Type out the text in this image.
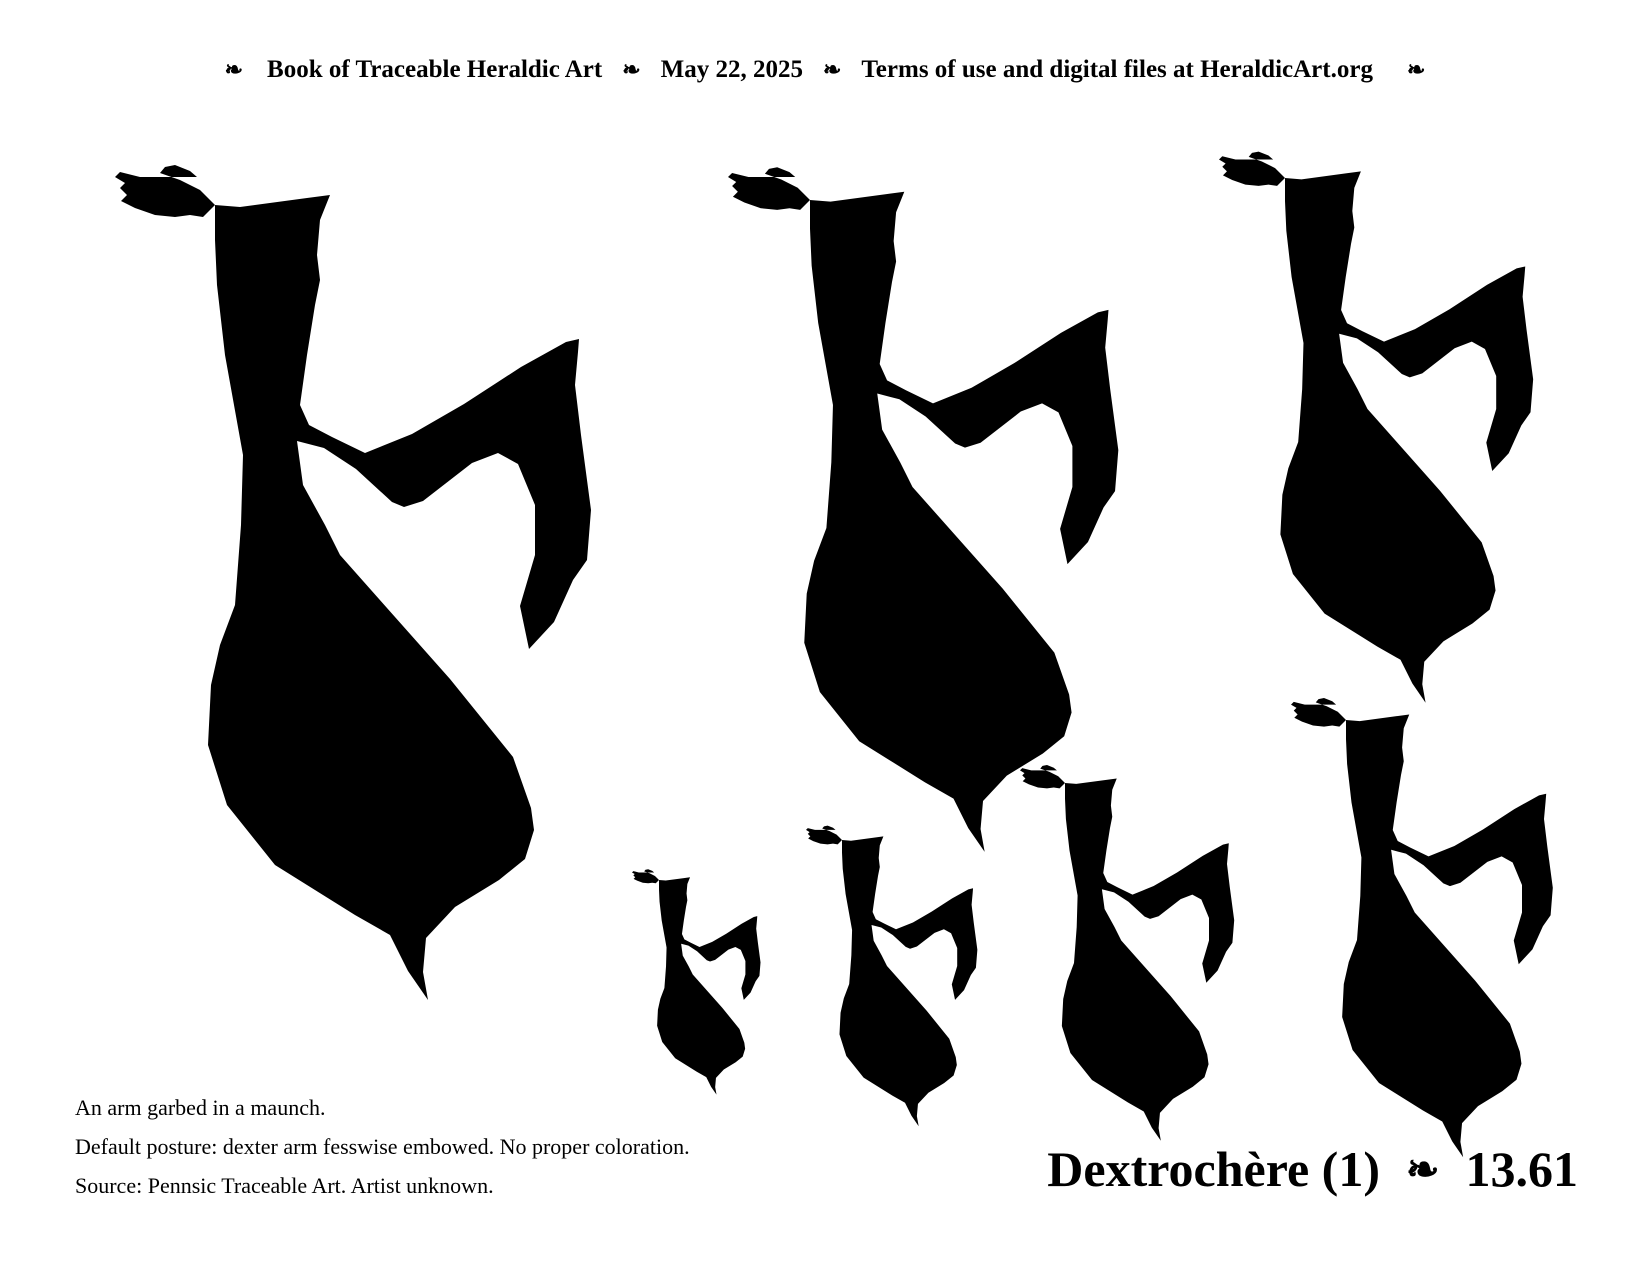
❧ Book of Traceable Heraldic Art ❧ May 22, 2025 ❧ Terms of use and digital files at HeraldicArt.org ❧

An arm garbed in a maunch.

Default posture: dexter arm fesswise embowed. No proper coloration.

Source: Pennsic Traceable Art. Artist unknown.	Dextrochère (1) ❧ 13.61
